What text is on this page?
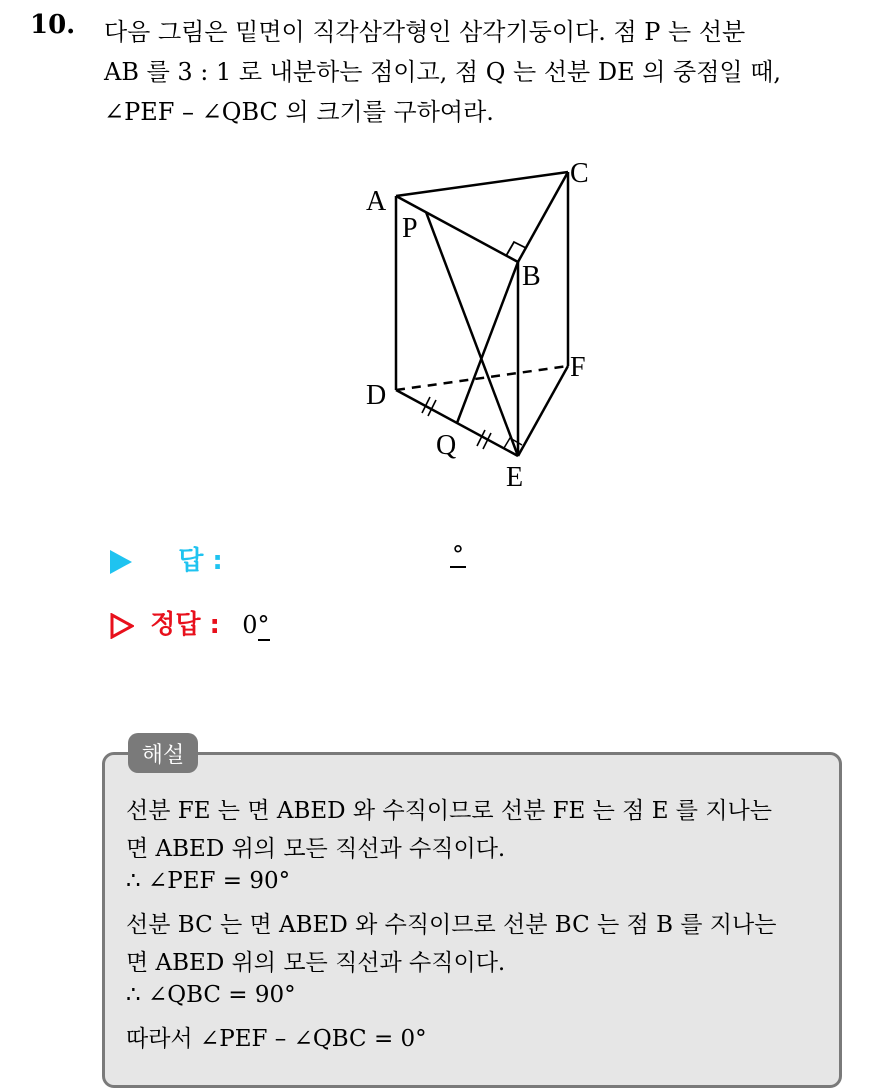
10. 다음 그림은 밑면이 직각삼각형인 삼각기둥이다. 점 P 는 선분
AB 를 3 : 1 로 내분하는 점이고, 점 Q 는 선분 DE 의 중점일 때,
∠PEF – ∠QBC 의 크기를 구하여라.
A
P
C
B
F
D
Q
E
답 :	°
정답 : 0°
해설
선분 FE 는 면 ABED 와 수직이므로 선분 FE 는 점 E 를 지나는
면 ABED 위의 모든 직선과 수직이다.
∴ ∠PEF = 90°
선분 BC 는 면 ABED 와 수직이므로 선분 BC 는 점 B 를 지나는
면 ABED 위의 모든 직선과 수직이다.
∴ ∠QBC = 90°
따라서 ∠PEF – ∠QBC = 0°
